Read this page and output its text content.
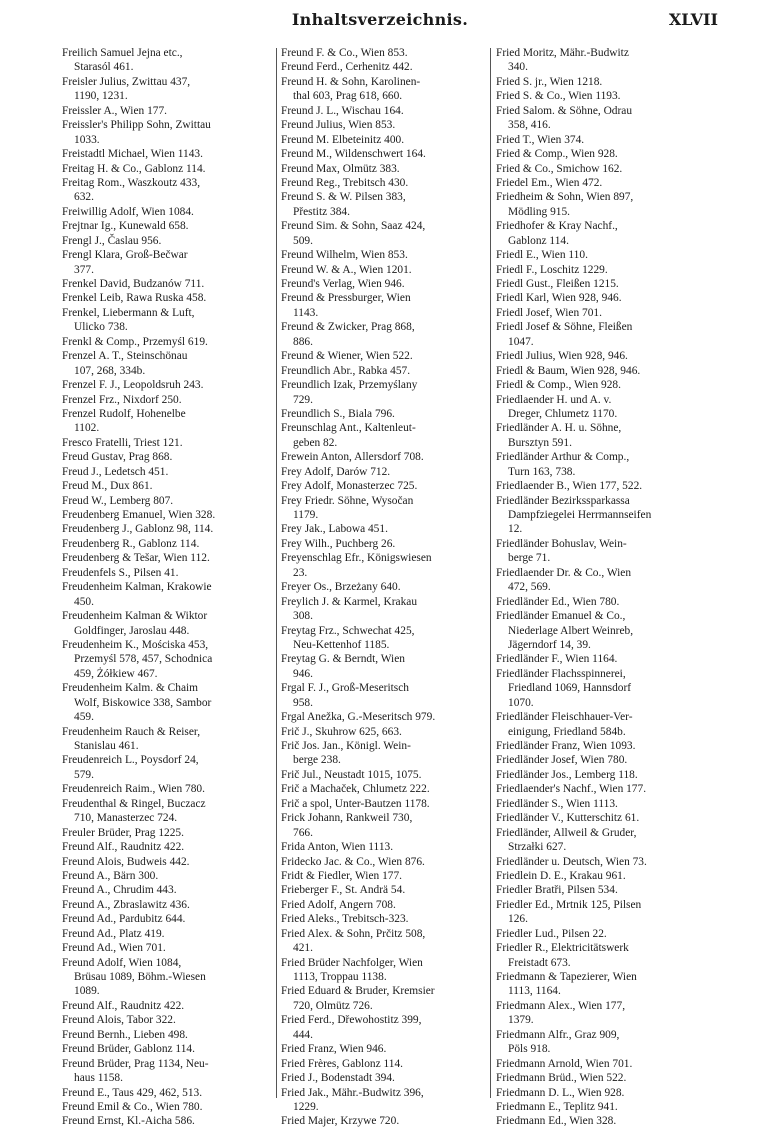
Inhaltsverzeichnis.	XLVII
Freilich Samuel Jejna etc.,
Starasól 461.
Freisler Julius, Zwittau 437,
1190, 1231.
Freissler A., Wien 177.
Freissler's Philipp Sohn, Zwittau
1033.
Freistadtl Michael, Wien 1143.
Freitag H. & Co., Gablonz 114.
Freitag Rom., Waszkoutz 433,
632.
Freiwillig Adolf, Wien 1084.
Frejtnar Ig., Kunewald 658.
Frengl J., Časlau 956.
Frengl Klara, Groß-Bečwar
377.
Frenkel David, Budzanów 711.
Frenkel Leib, Rawa Ruska 458.
Frenkel, Liebermann & Luft,
Ulicko 738.
Frenkl & Comp., Przemyśl 619.
Frenzel A. T., Steinschönau
107, 268, 334b.
Frenzel F. J., Leopoldsruh 243.
Frenzel Frz., Nixdorf 250.
Frenzel Rudolf, Hohenelbe
1102.
Fresco Fratelli, Triest 121.
Freud Gustav, Prag 868.
Freud J., Ledetsch 451.
Freud M., Dux 861.
Freud W., Lemberg 807.
Freudenberg Emanuel, Wien 328.
Freudenberg J., Gablonz 98, 114.
Freudenberg R., Gablonz 114.
Freudenberg & Tešar, Wien 112.
Freudenfels S., Pilsen 41.
Freudenheim Kalman, Krakowie
450.
Freudenheim Kalman & Wiktor
Goldfinger, Jaroslau 448.
Freudenheim K., Mościska 453,
Przemyśl 578, 457, Schodnica
459, Żółkiew 467.
Freudenheim Kalm. & Chaim
Wolf, Biskowice 338, Sambor
459.
Freudenheim Rauch & Reiser,
Stanislau 461.
Freudenreich L., Poysdorf 24,
579.
Freudenreich Raim., Wien 780.
Freudenthal & Ringel, Buczacz
710, Manasterzec 724.
Freuler Brüder, Prag 1225.
Freund Alf., Raudnitz 422.
Freund Alois, Budweis 442.
Freund A., Bärn 300.
Freund A., Chrudim 443.
Freund A., Zbraslawitz 436.
Freund Ad., Pardubitz 644.
Freund Ad., Platz 419.
Freund Ad., Wien 701.
Freund Adolf, Wien 1084,
Brüsau 1089, Böhm.-Wiesen
1089.
Freund Alf., Raudnitz 422.
Freund Alois, Tabor 322.
Freund Bernh., Lieben 498.
Freund Brüder, Gablonz 114.
Freund Brüder, Prag 1134, Neu-
haus 1158.
Freund E., Taus 429, 462, 513.
Freund Emil & Co., Wien 780.
Freund Ernst, Kl.-Aicha 586.
Freund F. & Co., Wien 853.
Freund Ferd., Cerhenitz 442.
Freund H. & Sohn, Karolinen-
thal 603, Prag 618, 660.
Freund J. L., Wischau 164.
Freund Julius, Wien 853.
Freund M. Elbeteinitz 400.
Freund M., Wildenschwert 164.
Freund Max, Olmütz 383.
Freund Reg., Trebitsch 430.
Freund S. & W. Pilsen 383,
Přestitz 384.
Freund Sim. & Sohn, Saaz 424,
509.
Freund Wilhelm, Wien 853.
Freund W. & A., Wien 1201.
Freund's Verlag, Wien 946.
Freund & Pressburger, Wien
1143.
Freund & Zwicker, Prag 868,
886.
Freund & Wiener, Wien 522.
Freundlich Abr., Rabka 457.
Freundlich Izak, Przemyślany
729.
Freundlich S., Biala 796.
Freunschlag Ant., Kaltenleut-
geben 82.
Frewein Anton, Allersdorf 708.
Frey Adolf, Darów 712.
Frey Adolf, Monasterzec 725.
Frey Friedr. Söhne, Wysočan
1179.
Frey Jak., Labowa 451.
Frey Wilh., Puchberg 26.
Freyenschlag Efr., Königswiesen
23.
Freyer Os., Brzeżany 640.
Freylich J. & Karmel, Krakau
308.
Freytag Frz., Schwechat 425,
Neu-Kettenhof 1185.
Freytag G. & Berndt, Wien
946.
Frgal F. J., Groß-Meseritsch
958.
Frgal Anežka, G.-Meseritsch 979.
Frič J., Skuhrow 625, 663.
Frič Jos. Jan., Königl. Wein-
berge 238.
Frič Jul., Neustadt 1015, 1075.
Frič a Machaček, Chlumetz 222.
Frič a spol, Unter-Bautzen 1178.
Frick Johann, Rankweil 730,
766.
Frida Anton, Wien 1113.
Fridecko Jac. & Co., Wien 876.
Fridt & Fiedler, Wien 177.
Frieberger F., St. Andrä 54.
Fried Adolf, Angern 708.
Fried Aleks., Trebitsch-323.
Fried Alex. & Sohn, Prčitz 508,
421.
Fried Brüder Nachfolger, Wien
1113, Troppau 1138.
Fried Eduard & Bruder, Kremsier
720, Olmütz 726.
Fried Ferd., Dřewohostitz 399,
444.
Fried Franz, Wien 946.
Fried Frères, Gablonz 114.
Fried J., Bodenstadt 394.
Fried Jak., Mähr.-Budwitz 396,
1229.
Fried Majer, Krzywe 720.
Fried Moritz, Mähr.-Budwitz
340.
Fried S. jr., Wien 1218.
Fried S. & Co., Wien 1193.
Fried Salom. & Söhne, Odrau
358, 416.
Fried T., Wien 374.
Fried & Comp., Wien 928.
Fried & Co., Smichow 162.
Friedel Em., Wien 472.
Friedheim & Sohn, Wien 897,
Mödling 915.
Friedhofer & Kray Nachf.,
Gablonz 114.
Friedl E., Wien 110.
Friedl F., Loschitz 1229.
Friedl Gust., Fleißen 1215.
Friedl Karl, Wien 928, 946.
Friedl Josef, Wien 701.
Friedl Josef & Söhne, Fleißen
1047.
Friedl Julius, Wien 928, 946.
Friedl & Baum, Wien 928, 946.
Friedl & Comp., Wien 928.
Friedlaender H. und A. v.
Dreger, Chlumetz 1170.
Friedländer A. H. u. Söhne,
Bursztyn 591.
Friedländer Arthur & Comp.,
Turn 163, 738.
Friedlaender B., Wien 177, 522.
Friedländer Bezirkssparkassa
Dampfziegelei Herrmannseifen
12.
Friedländer Bohuslav, Wein-
berge 71.
Friedlaender Dr. & Co., Wien
472, 569.
Friedländer Ed., Wien 780.
Friedländer Emanuel & Co.,
Niederlage Albert Weinreb,
Jägerndorf 14, 39.
Friedländer F., Wien 1164.
Friedländer Flachsspinnerei,
Friedland 1069, Hannsdorf
1070.
Friedländer Fleischhauer-Ver-
einigung, Friedland 584b.
Friedländer Franz, Wien 1093.
Friedländer Josef, Wien 780.
Friedländer Jos., Lemberg 118.
Friedlaender's Nachf., Wien 177.
Friedländer S., Wien 1113.
Friedländer V., Kutterschitz 61.
Friedländer, Allweil & Gruder,
Strzałki 627.
Friedländer u. Deutsch, Wien 73.
Friedlein D. E., Krakau 961.
Friedler Bratři, Pilsen 534.
Friedler Ed., Mrtnik 125, Pilsen
126.
Friedler Lud., Pilsen 22.
Friedler R., Elektricitätswerk
Freistadt 673.
Friedmann & Tapezierer, Wien
1113, 1164.
Friedmann Alex., Wien 177,
1379.
Friedmann Alfr., Graz 909,
Pöls 918.
Friedmann Arnold, Wien 701.
Friedmann Brüd., Wien 522.
Friedmann D. L., Wien 928.
Friedmann E., Teplitz 941.
Friedmann Ed., Wien 328.
